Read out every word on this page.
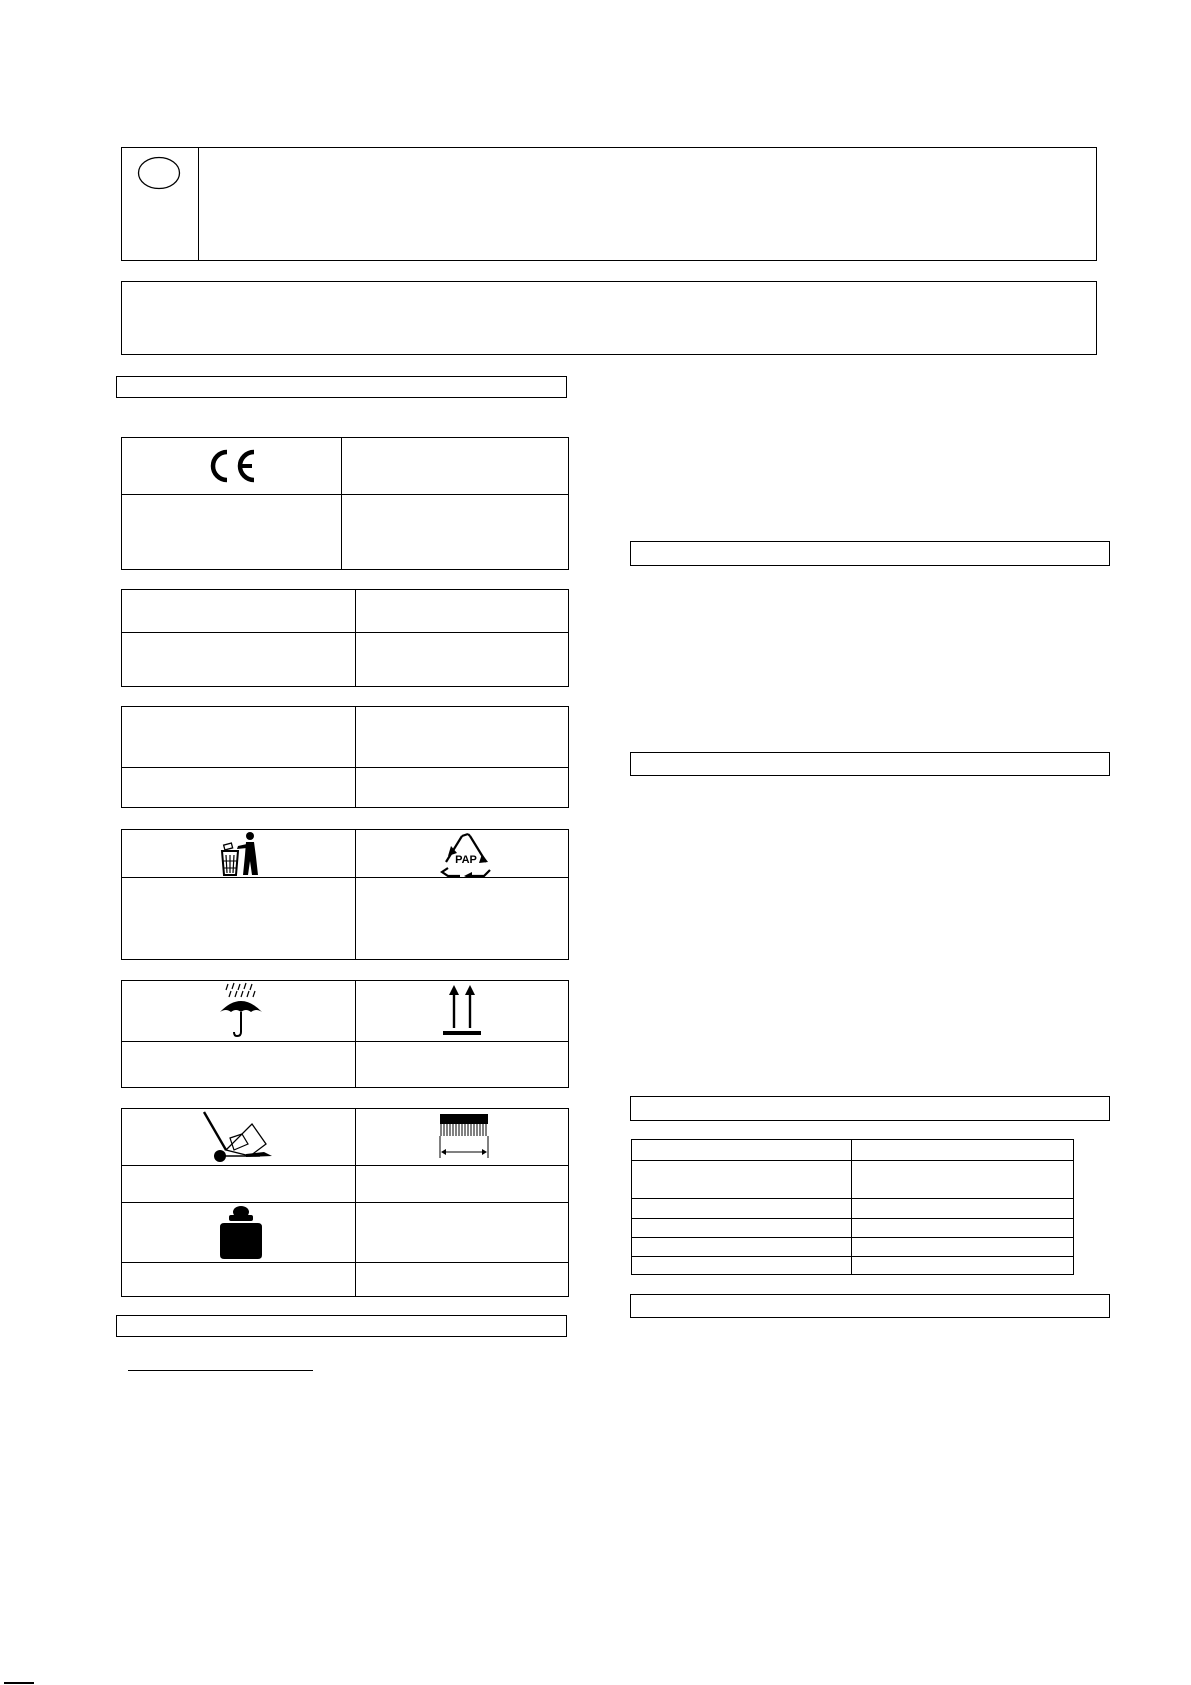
PAP
